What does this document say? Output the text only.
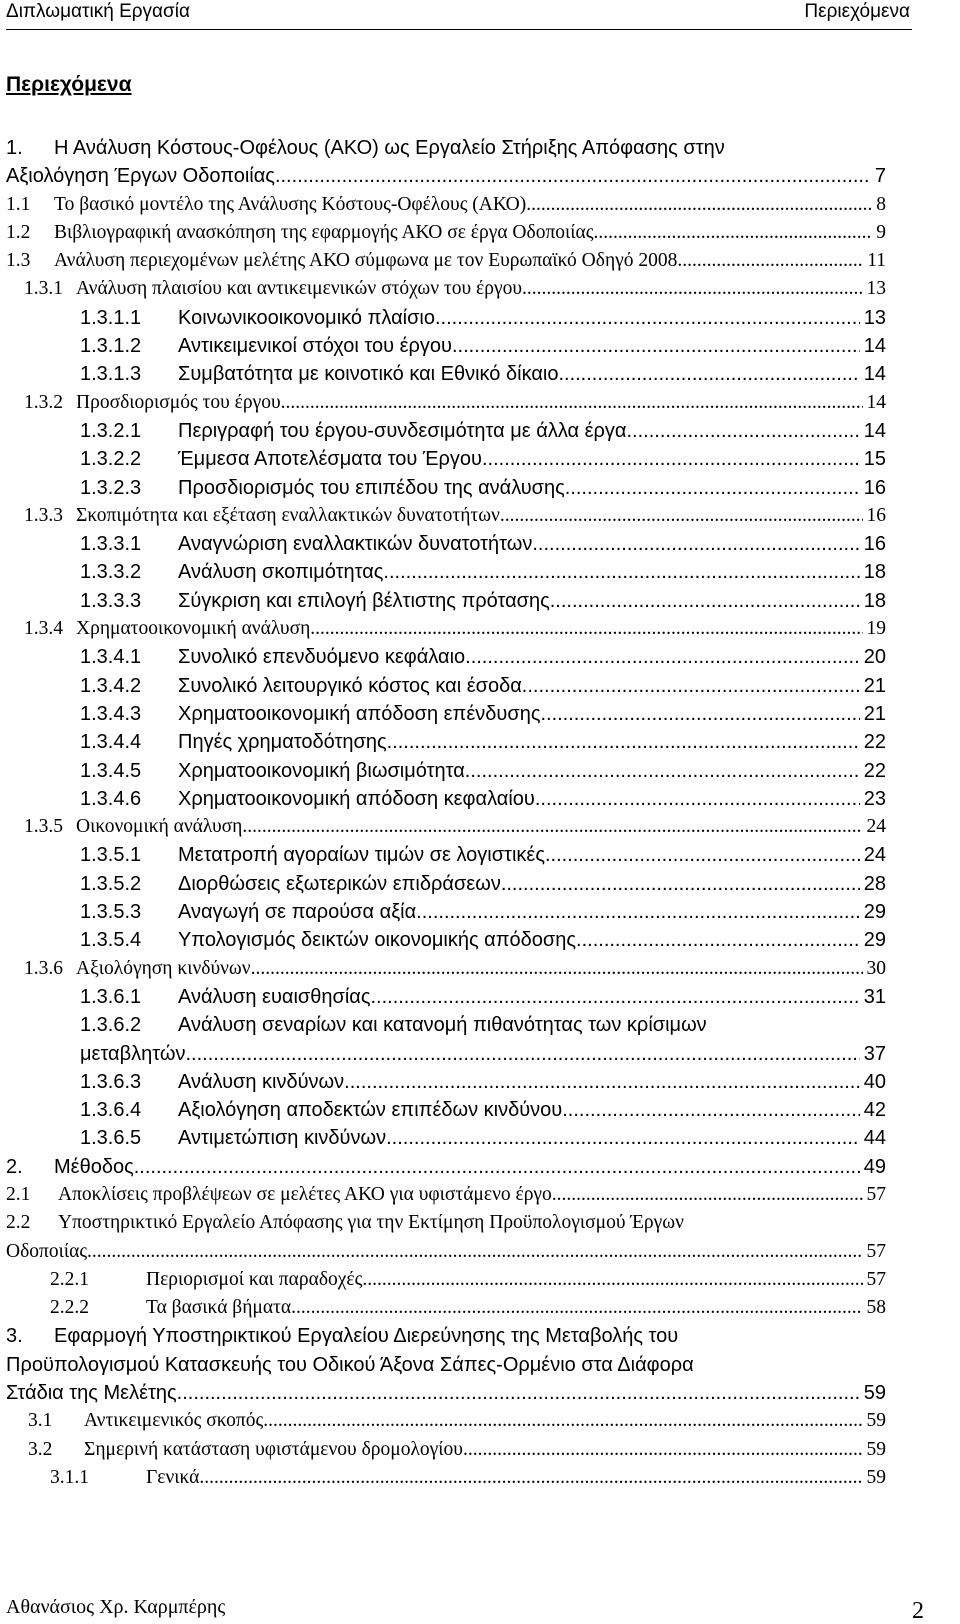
Διπλωματική Εργασία	Περιεχόμενα
Περιεχόμενα
1.	Η Ανάλυση Κόστους-Οφέλους (ΑΚΟ) ως Εργαλείο Στήριξης Απόφασης στην
Αξιολόγηση Έργων Οδοποιίας .....	7
1.1	Το βασικό μοντέλο της Ανάλυσης Κόστους-Οφέλους (ΑΚΟ) .....	8
1.2	Βιβλιογραφική ανασκόπηση της εφαρμογής ΑΚΟ σε έργα Οδοποιίας .....	9
1.3	Ανάλυση περιεχομένων μελέτης ΑΚΟ σύμφωνα με τον Ευρωπαϊκό Οδηγό 2008 .....	11
1.3.1 Ανάλυση πλαισίου και αντικειμενικών στόχων του έργου .....	13
1.3.1.1	Κοινωνικοοικονομικό πλαίσιο .....	13
1.3.1.2	Αντικειμενικοί στόχοι του έργου .....	14
1.3.1.3	Συμβατότητα με κοινοτικό και Εθνικό δίκαιο .....	14
1.3.2 Προσδιορισμός του έργου .....	14
1.3.2.1	Περιγραφή του έργου-συνδεσιμότητα με άλλα έργα .....	14
1.3.2.2	Έμμεσα Αποτελέσματα του Έργου .....	15
1.3.2.3	Προσδιορισμός του επιπέδου της ανάλυσης .....	16
1.3.3 Σκοπιμότητα και εξέταση εναλλακτικών δυνατοτήτων .....	16
1.3.3.1	Αναγνώριση εναλλακτικών δυνατοτήτων .....	16
1.3.3.2	Ανάλυση σκοπιμότητας .....	18
1.3.3.3	Σύγκριση και επιλογή βέλτιστης πρότασης .....	18
1.3.4 Χρηματοοικονομική ανάλυση .....	19
1.3.4.1	Συνολικό επενδυόμενο κεφάλαιο .....	20
1.3.4.2	Συνολικό λειτουργικό κόστος και έσοδα .....	21
1.3.4.3	Χρηματοοικονομική απόδοση επένδυσης .....	21
1.3.4.4	Πηγές χρηματοδότησης .....	22
1.3.4.5	Χρηματοοικονομική βιωσιμότητα .....	22
1.3.4.6	Χρηματοοικονομική απόδοση κεφαλαίου .....	23
1.3.5 Οικονομική ανάλυση .....	24
1.3.5.1	Μετατροπή αγοραίων τιμών σε λογιστικές .....	24
1.3.5.2	Διορθώσεις εξωτερικών επιδράσεων .....	28
1.3.5.3	Αναγωγή σε παρούσα αξία .....	29
1.3.5.4	Υπολογισμός δεικτών οικονομικής απόδοσης .....	29
1.3.6 Αξιολόγηση κινδύνων .....	30
1.3.6.1	Ανάλυση ευαισθησίας .....	31
1.3.6.2	Ανάλυση σεναρίων και κατανομή πιθανότητας των κρίσιμων
μεταβλητών .....	37
1.3.6.3	Ανάλυση κινδύνων .....	40
1.3.6.4	Αξιολόγηση αποδεκτών επιπέδων κινδύνου .....	42
1.3.6.5	Αντιμετώπιση κινδύνων .....	44
2.	Μέθοδος .....	49
2.1	Αποκλίσεις προβλέψεων σε μελέτες ΑΚΟ για υφιστάμενο έργο .....	57
2.2	Υποστηρικτικό Εργαλείο Απόφασης για την Εκτίμηση Προϋπολογισμού Έργων
Οδοποιίας .....	57
2.2.1	Περιορισμοί και παραδοχές .....	57
2.2.2	Τα βασικά βήματα .....	58
3.	Εφαρμογή Υποστηρικτικού Εργαλείου Διερεύνησης της Μεταβολής του
Προϋπολογισμού Κατασκευής του Οδικού Άξονα Σάπες-Ορμένιο στα Διάφορα
Στάδια της Μελέτης .....	59
3.1	Αντικειμενικός σκοπός .....	59
3.2	Σημερινή κατάσταση υφιστάμενου δρομολογίου .....	59
3.1.1	Γενικά .....	59
Αθανάσιος Χρ. Καρμπέρης	2
